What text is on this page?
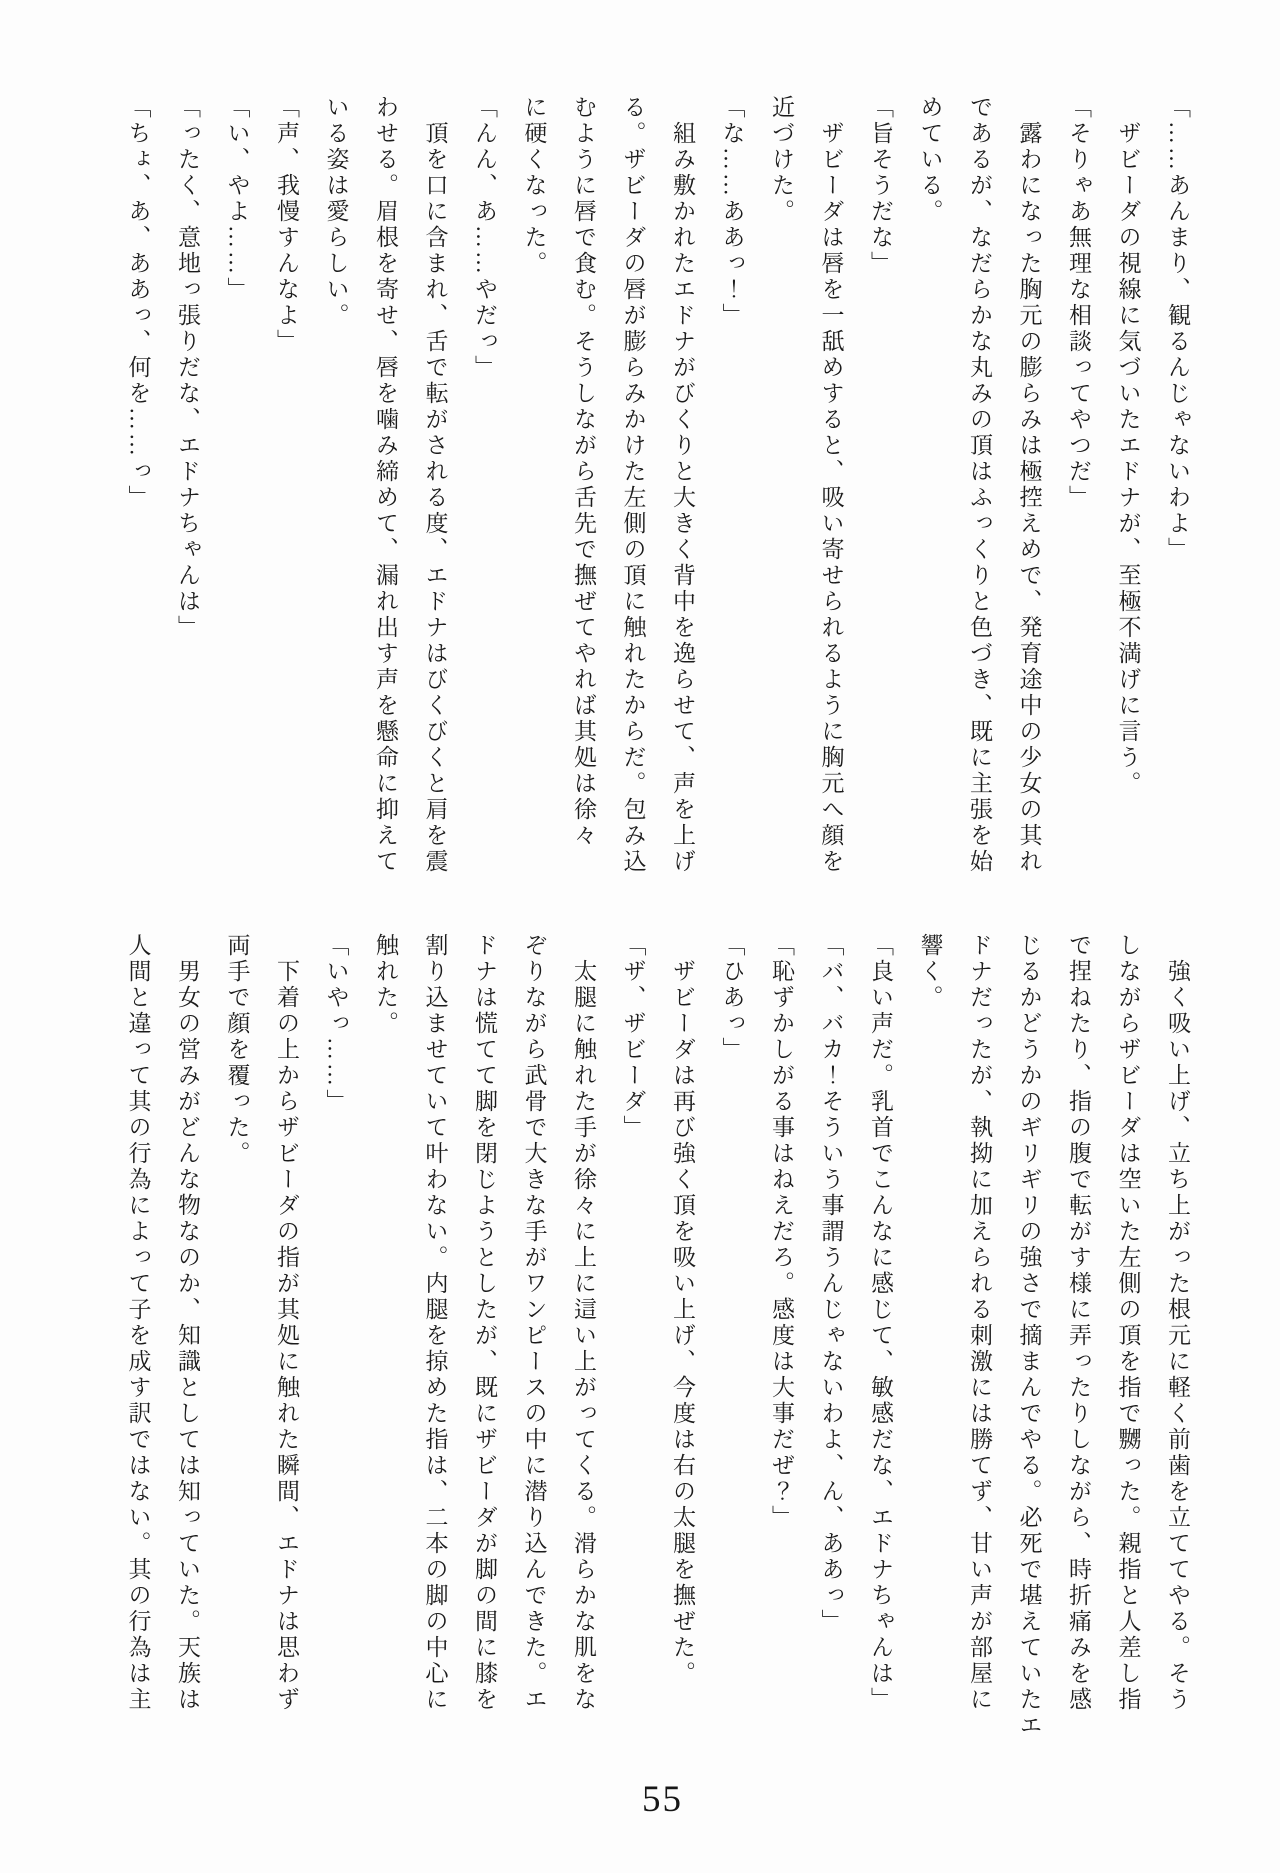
「……あんまり、観るんじゃないわよ」

ザビーダの視線に気づいたエドナが、至極不満げに言う。

「そりゃあ無理な相談ってやつだ」

露わになった胸元の膨らみは極控えめで、発育途中の少女の其れ

であるが、なだらかな丸みの頂はふっくりと色づき、既に主張を始

めている。

「旨そうだな」

ザビーダは唇を一舐めすると、吸い寄せられるように胸元へ顔を

近づけた。

「な……ああっ！」

組み敷かれたエドナがびくりと大きく背中を逸らせて、声を上げ

る。ザビーダの唇が膨らみかけた左側の頂に触れたからだ。包み込

むように唇で食む。そうしながら舌先で撫ぜてやれば其処は徐々

に硬くなった。

「んん、あ……やだっ」

頂を口に含まれ、舌で転がされる度、エドナはびくびくと肩を震

わせる。眉根を寄せ、唇を噛み締めて、漏れ出す声を懸命に抑えて

いる姿は愛らしい。

「声、我慢すんなよ」

「い、やよ……」

「ったく、意地っ張りだな、エドナちゃんは」

「ちょ、あ、ああっ、何を……っ」

強く吸い上げ、立ち上がった根元に軽く前歯を立ててやる。そう

しながらザビーダは空いた左側の頂を指で嬲った。親指と人差し指

で捏ねたり、指の腹で転がす様に弄ったりしながら、時折痛みを感

じるかどうかのギリギリの強さで摘まんでやる。必死で堪えていたエ

ドナだったが、執拗に加えられる刺激には勝てず、甘い声が部屋に

響く。

「良い声だ。乳首でこんなに感じて、敏感だな、エドナちゃんは」

「バ、バカ！そういう事謂うんじゃないわよ、ん、ああっ」

「恥ずかしがる事はねえだろ。感度は大事だぜ？」

「ひあっ」

ザビーダは再び強く頂を吸い上げ、今度は右の太腿を撫ぜた。

「ザ、ザビーダ」

太腿に触れた手が徐々に上に這い上がってくる。滑らかな肌をな

ぞりながら武骨で大きな手がワンピースの中に潜り込んできた。エ

ドナは慌てて脚を閉じようとしたが、既にザビーダが脚の間に膝を

割り込ませていて叶わない。内腿を掠めた指は、二本の脚の中心に

触れた。

「いやっ……」

下着の上からザビーダの指が其処に触れた瞬間、エドナは思わず

両手で顔を覆った。

男女の営みがどんな物なのか、知識としては知っていた。天族は

人間と違って其の行為によって子を成す訳ではない。其の行為は主

55
